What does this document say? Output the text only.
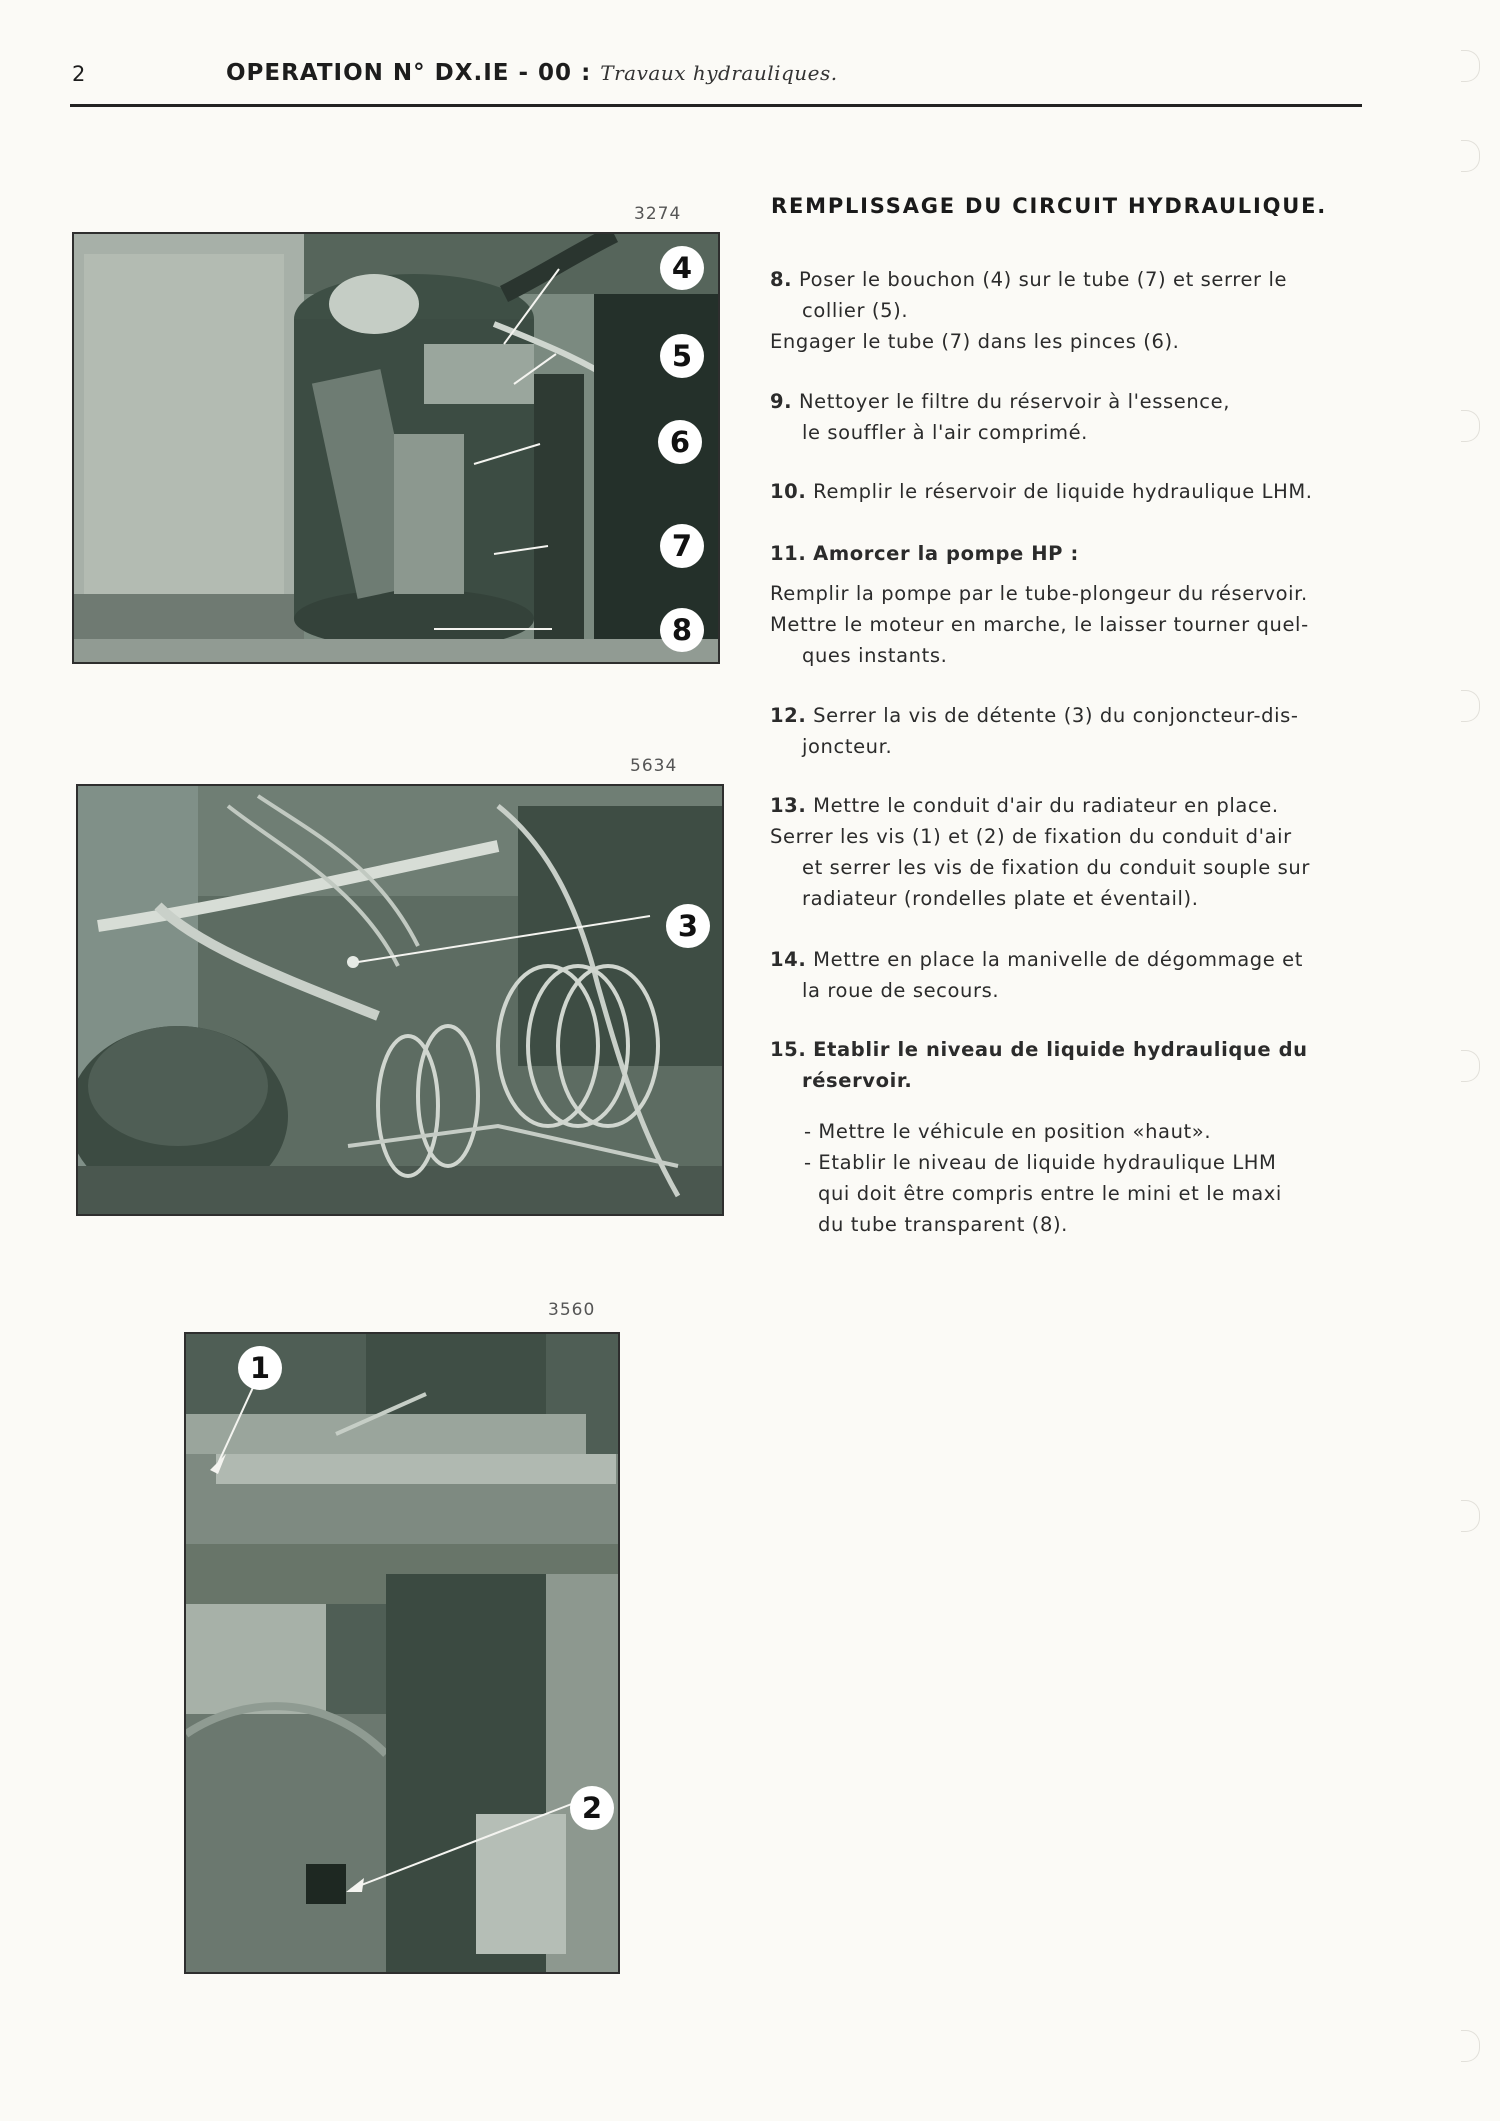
2	OPERATION N° DX.IE - 00 : Travaux hydrauliques.
3274
4
5
6
7
8
5634
3
3560
1
2
REMPLISSAGE DU CIRCUIT HYDRAULIQUE.
8. Poser le bouchon (4) sur le tube (7) et serrer le
collier (5).
Engager le tube (7) dans les pinces (6).
9. Nettoyer le filtre du réservoir à l'essence,
le souffler à l'air comprimé.
10. Remplir le réservoir de liquide hydraulique LHM.
11. Amorcer la pompe HP :
Remplir la pompe par le tube-plongeur du réservoir.
Mettre le moteur en marche, le laisser tourner quel-
ques instants.
12. Serrer la vis de détente (3) du conjoncteur-dis-
joncteur.
13. Mettre le conduit d'air du radiateur en place.
Serrer les vis (1) et (2) de fixation du conduit d'air
et serrer les vis de fixation du conduit souple sur
radiateur (rondelles plate et éventail).
14. Mettre en place la manivelle de dégommage et
la roue de secours.
15. Etablir le niveau de liquide hydraulique du
réservoir.
- Mettre le véhicule en position «haut».
- Etablir le niveau de liquide hydraulique LHM
qui doit être compris entre le mini et le maxi
du tube transparent (8).
